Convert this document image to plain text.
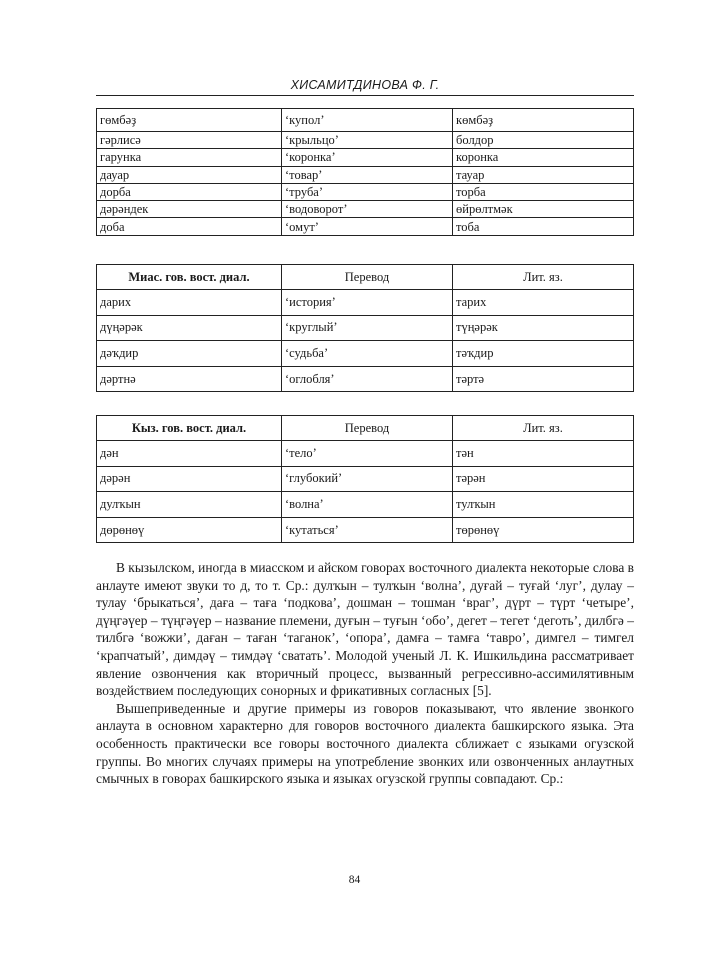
ХИСАМИТДИНОВА Ф. Г.
гөмбәҙ	‘купол’	көмбәҙ
гәрлисә	‘крыльцо’	болдор
гарунка	‘коронка’	коронка
дауар	‘товар’	тауар
дорба	‘труба’	торба
дәрәндек	‘водоворот’	өйрөлтмәк
доба	‘омут’	тоба
Миас. гов. вост. диал.	Перевод	Лит. яз.
дарих	‘история’	тарих
дүңәрәк	‘круглый’	түңәрәк
дәҡдир	‘судьба’	тәҡдир
дәртнә	‘оглобля’	тәртә
Кыз. гов. вост. диал.	Перевод	Лит. яз.
дән	‘тело’	тән
дәрән	‘глубокий’	тәрән
дулҡын	‘волна’	тулҡын
дөрөнөү	‘кутаться’	төрөнөү

В кызылском, иногда в миасском и айском говорах восточного диалекта некоторые слова в анлауте имеют звуки то д, то т. Ср.: дулҡын – тулҡын ‘волна’, дуғай – туғай ‘луг’, дулау – тулау ‘брыкаться’, даға – таға ‘подкова’, дошман – тошман ‘враг’, дүрт – түрт ‘четыре’, дүңгәүер – түңгәүер – название племени, дуғын – туғын ‘обо’, дегет – тегет ‘деготь’, дилбгә – тилбгә ‘вожжи’, даған – таған ‘таганок’, ‘опора’, дамға – тамға ‘тавро’, димгел – тимгел ‘крапчатый’, димдәү – тимдәү ‘сватать’. Молодой ученый Л. К. Ишкильдина рассматривает явление озвончения как вторичный процесс, вызванный регрессивно-ассимилятивным воздействием последующих сонорных и фрикативных согласных [5].

Вышеприведенные и другие примеры из говоров показывают, что явление звонкого анлаута в основном характерно для говоров восточного диалекта башкирского языка. Эта особенность практически все говоры восточного диалекта сближает с языками огузской группы. Во многих случаях примеры на употребление звонких или озвонченных анлаутных смычных в говорах башкирского языка и языках огузской группы совпадают. Ср.:

84
